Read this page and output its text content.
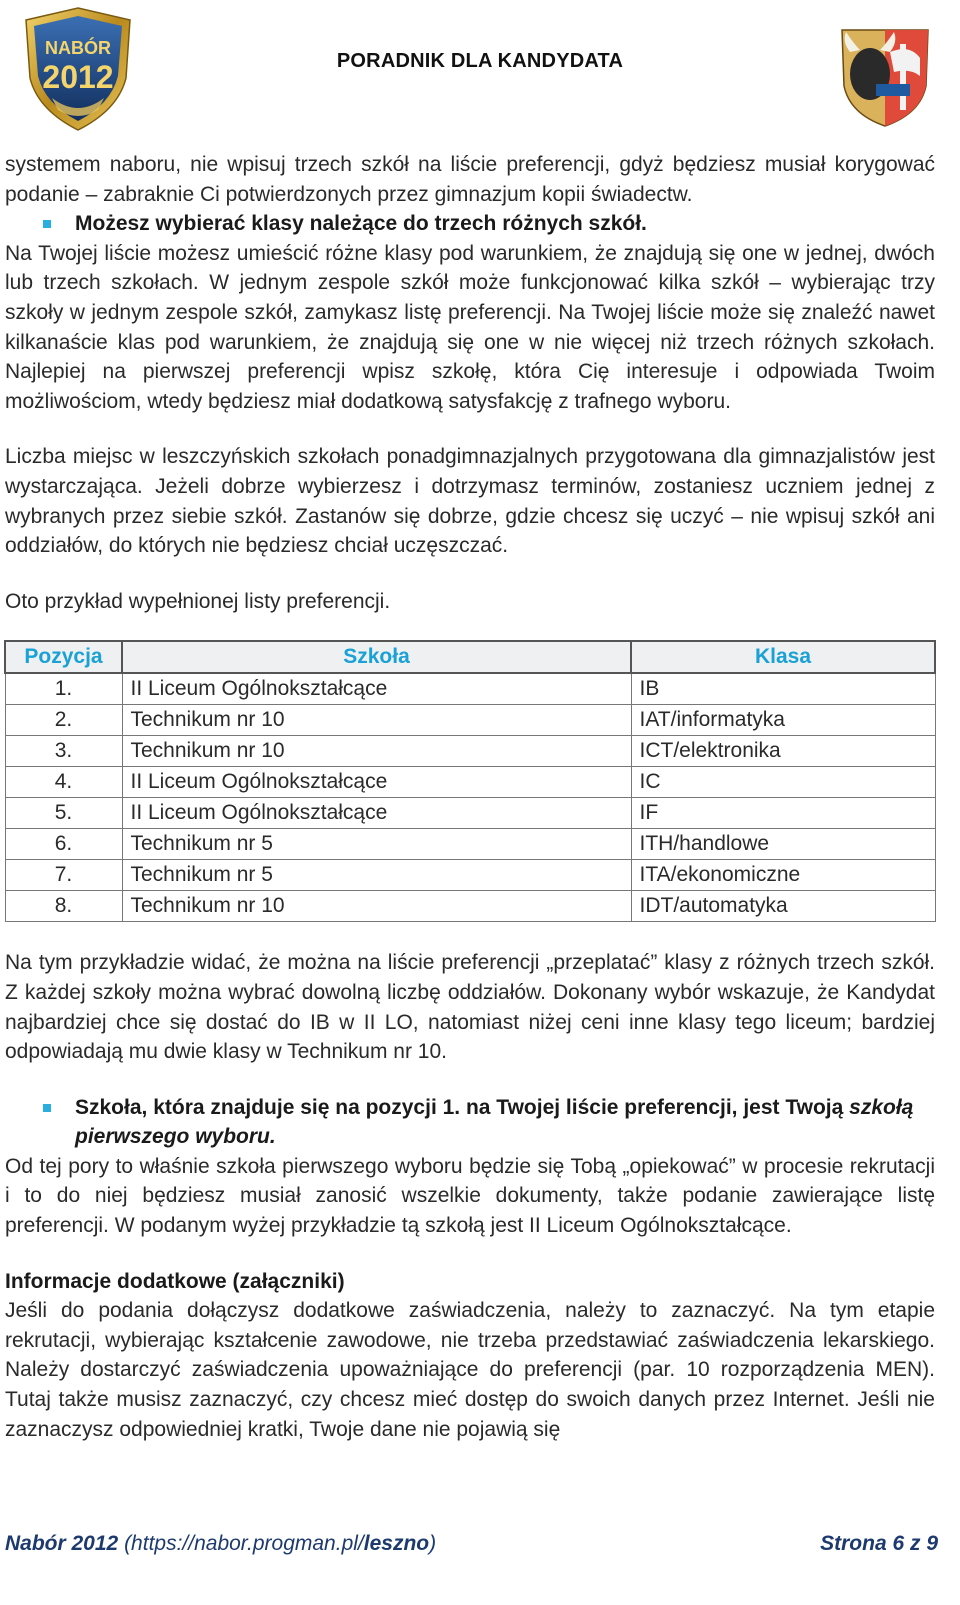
NABÓR
2012	PORADNIK DLA KANDYDATA

systemem naboru, nie wpisuj trzech szkół na liście preferencji, gdyż będziesz musiał korygować podanie – zabraknie Ci potwierdzonych przez gimnazjum kopii świadectw.

Możesz wybierać klasy należące do trzech różnych szkół.

Na Twojej liście możesz umieścić różne klasy pod warunkiem, że znajdują się one w jednej, dwóch lub trzech szkołach. W jednym zespole szkół może funkcjonować kilka szkół – wybierając trzy szkoły w jednym zespole szkół, zamykasz listę preferencji. Na Twojej liście może się znaleźć nawet kilkanaście klas pod warunkiem, że znajdują się one w nie więcej niż trzech różnych szkołach. Najlepiej na pierwszej preferencji wpisz szkołę, która Cię interesuje i odpowiada Twoim możliwościom, wtedy będziesz miał dodatkową satysfakcję z trafnego wyboru.

Liczba miejsc w leszczyńskich szkołach ponadgimnazjalnych przygotowana dla gimnazjalistów jest wystarczająca. Jeżeli dobrze wybierzesz i dotrzymasz terminów, zostaniesz uczniem jednej z wybranych przez siebie szkół. Zastanów się dobrze, gdzie chcesz się uczyć – nie wpisuj szkół ani oddziałów, do których nie będziesz chciał uczęszczać.

Oto przykład wypełnionej listy preferencji.

Pozycja	Szkoła	Klasa
1.	II Liceum Ogólnokształcące	IB
2.	Technikum nr 10	IAT/informatyka
3.	Technikum nr 10	ICT/elektronika
4.	II Liceum Ogólnokształcące	IC
5.	II Liceum Ogólnokształcące	IF
6.	Technikum nr 5	ITH/handlowe
7.	Technikum nr 5	ITA/ekonomiczne
8.	Technikum nr 10	IDT/automatyka

Na tym przykładzie widać, że można na liście preferencji „przeplatać” klasy z różnych trzech szkół. Z każdej szkoły można wybrać dowolną liczbę oddziałów. Dokonany wybór wskazuje, że Kandydat najbardziej chce się dostać do IB w II LO, natomiast niżej ceni inne klasy tego liceum; bardziej odpowiadają mu dwie klasy w Technikum nr 10.

Szkoła, która znajduje się na pozycji 1. na Twojej liście preferencji, jest Twoją szkołą pierwszego wyboru.

Od tej pory to właśnie szkoła pierwszego wyboru będzie się Tobą „opiekować” w procesie rekrutacji i to do niej będziesz musiał zanosić wszelkie dokumenty, także podanie zawierające listę preferencji. W podanym wyżej przykładzie tą szkołą jest II Liceum Ogólnokształcące.

Informacje dodatkowe (załączniki)

Jeśli do podania dołączysz dodatkowe zaświadczenia, należy to zaznaczyć. Na tym etapie rekrutacji, wybierając kształcenie zawodowe, nie trzeba przedstawiać zaświadczenia lekarskiego. Należy dostarczyć zaświadczenia upoważniające do preferencji (par. 10 rozporządzenia MEN). Tutaj także musisz zaznaczyć, czy chcesz mieć dostęp do swoich danych przez Internet. Jeśli nie zaznaczysz odpowiedniej kratki, Twoje dane nie pojawią się

Nabór 2012 (https://nabor.progman.pl/leszno)	Strona 6 z 9
